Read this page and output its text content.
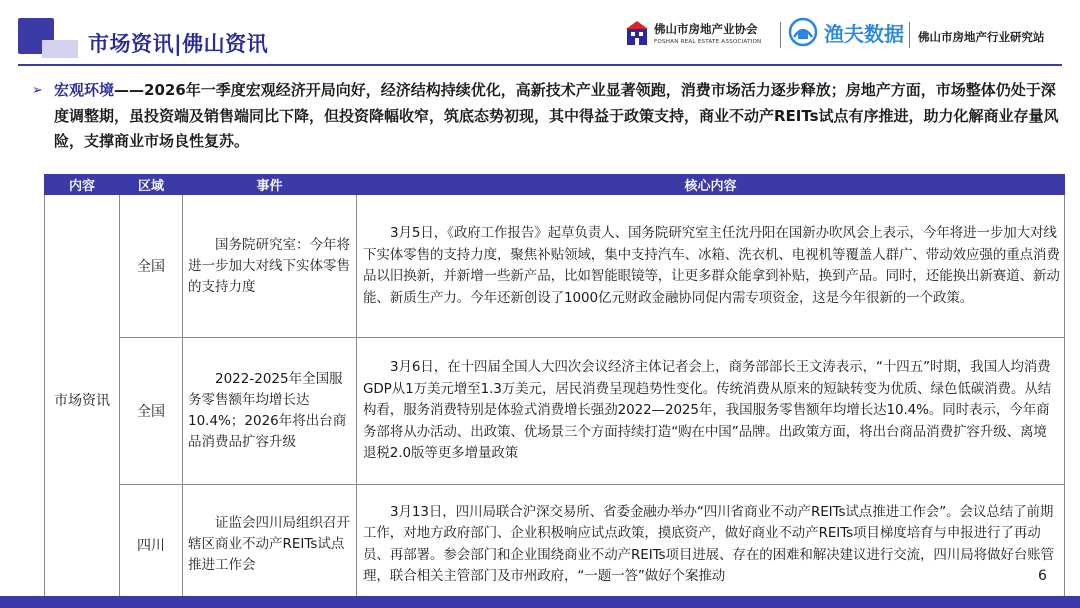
市场资讯|佛山资讯
佛山市房地产业协会
FOSHAN REAL ESTATE ASSOCIATION	渔夫数据 佛山市房地产行业研究站
➢ 宏观环境——2026年一季度宏观经济开局向好，经济结构持续优化，高新技术产业显著领跑，消费市场活力逐步释放；房地产方面，市场整体仍处于深度调整期，虽投资端及销售端同比下降，但投资降幅收窄，筑底态势初现，其中得益于政策支持，商业不动产REITs试点有序推进，助力化解商业存量风险，支撑商业市场良性复苏。
内容	区域	事件	核心内容
市场资讯	全国	国务院研究室：今年将进一步加大对线下实体零售的支持力度	3月5日，《政府工作报告》起草负责人、国务院研究室主任沈丹阳在国新办吹风会上表示，今年将进一步加大对线下实体零售的支持力度，聚焦补贴领域，集中支持汽车、冰箱、洗衣机、电视机等覆盖人群广、带动效应强的重点消费品以旧换新，并新增一些新产品，比如智能眼镜等，让更多群众能拿到补贴，换到产品。同时，还能换出新赛道、新动能、新质生产力。今年还新创设了1000亿元财政金融协同促内需专项资金，这是今年很新的一个政策。
	全国	2022-2025年全国服务零售额年均增长达10.4%；2026年将出台商品消费品扩容升级	3月6日，在十四届全国人大四次会议经济主体记者会上，商务部部长王文涛表示，“十四五”时期，我国人均消费GDP从1万美元增至1.3万美元，居民消费呈现趋势性变化。传统消费从原来的短缺转变为优质、绿色低碳消费。从结构看，服务消费特别是体验式消费增长强劲2022—2025年，我国服务零售额年均增长达10.4%。同时表示，今年商务部将从办活动、出政策、优场景三个方面持续打造“购在中国”品牌。出政策方面，将出台商品消费扩容升级、离境退税2.0版等更多增量政策
	四川	证监会四川局组织召开辖区商业不动产REITs试点推进工作会	3月13日，四川局联合沪深交易所、省委金融办举办“四川省商业不动产REITs试点推进工作会”。会议总结了前期工作，对地方政府部门、企业积极响应试点政策，摸底资产，做好商业不动产REITs项目梯度培育与申报进行了再动员、再部署。参会部门和企业围绕商业不动产REITs项目进展、存在的困难和解决建议进行交流，四川局将做好台账管理，联合相关主管部门及市州政府，“一题一答”做好个案推动	6
